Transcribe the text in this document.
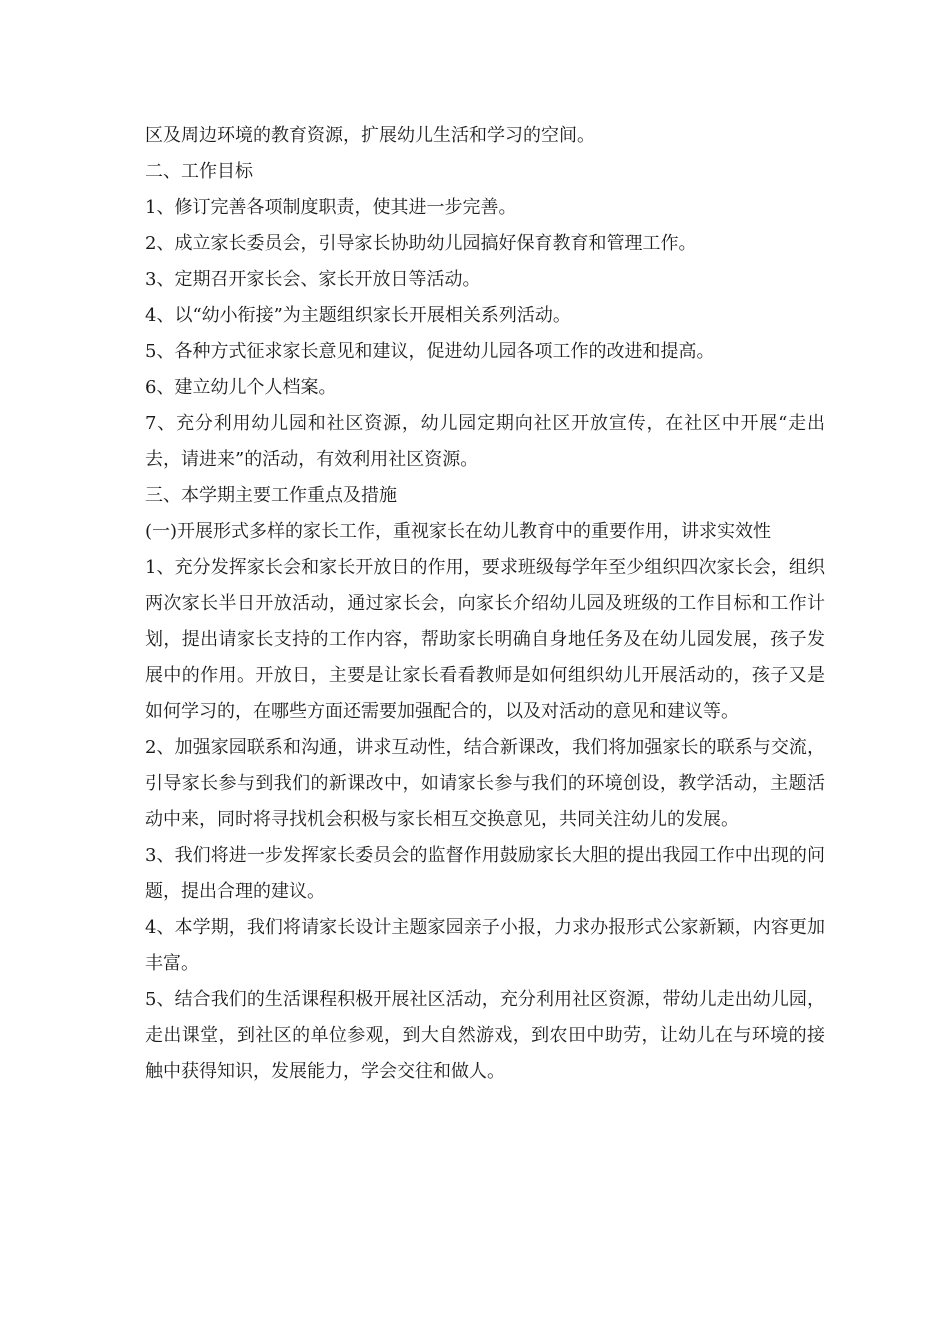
区及周边环境的教育资源，扩展幼儿生活和学习的空间。

二、工作目标

1、修订完善各项制度职责，使其进一步完善。

2、成立家长委员会，引导家长协助幼儿园搞好保育教育和管理工作。

3、定期召开家长会、家长开放日等活动。

4、以“幼小衔接”为主题组织家长开展相关系列活动。

5、各种方式征求家长意见和建议，促进幼儿园各项工作的改进和提高。

6、建立幼儿个人档案。

7、充分利用幼儿园和社区资源，幼儿园定期向社区开放宣传，在社区中开展“走出去，请进来”的活动，有效利用社区资源。

三、本学期主要工作重点及措施

(一)开展形式多样的家长工作，重视家长在幼儿教育中的重要作用，讲求实效性

1、充分发挥家长会和家长开放日的作用，要求班级每学年至少组织四次家长会，组织两次家长半日开放活动，通过家长会，向家长介绍幼儿园及班级的工作目标和工作计划，提出请家长支持的工作内容，帮助家长明确自身地任务及在幼儿园发展，孩子发展中的作用。开放日，主要是让家长看看教师是如何组织幼儿开展活动的，孩子又是如何学习的，在哪些方面还需要加强配合的，以及对活动的意见和建议等。

2、加强家园联系和沟通，讲求互动性，结合新课改，我们将加强家长的联系与交流，引导家长参与到我们的新课改中，如请家长参与我们的环境创设，教学活动，主题活动中来，同时将寻找机会积极与家长相互交换意见，共同关注幼儿的发展。

3、我们将进一步发挥家长委员会的监督作用鼓励家长大胆的提出我园工作中出现的问题，提出合理的建议。

4、本学期，我们将请家长设计主题家园亲子小报，力求办报形式公家新颖，内容更加丰富。

5、结合我们的生活课程积极开展社区活动，充分利用社区资源，带幼儿走出幼儿园，走出课堂，到社区的单位参观，到大自然游戏，到农田中助劳，让幼儿在与环境的接触中获得知识，发展能力，学会交往和做人。
